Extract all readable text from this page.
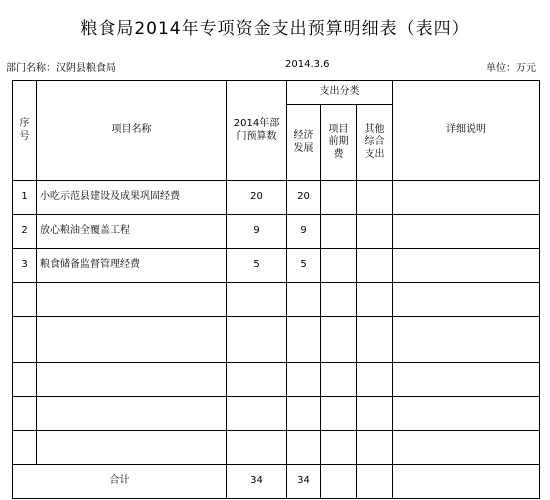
粮食局2014年专项资金支出预算明细表（表四）
部门名称：汉阴县粮食局	2014.3.6	单位：万元
序号	项目名称	2014年部门预算数	支出分类			详细说明

			经济发展	项目前期费	其他综合支出	

1	小吃示范县建设及成果巩固经费	20	20			
2	放心粮油全覆盖工程	9	9			
3	粮食储备监督管理经费	5	5			

合计		34	34			
